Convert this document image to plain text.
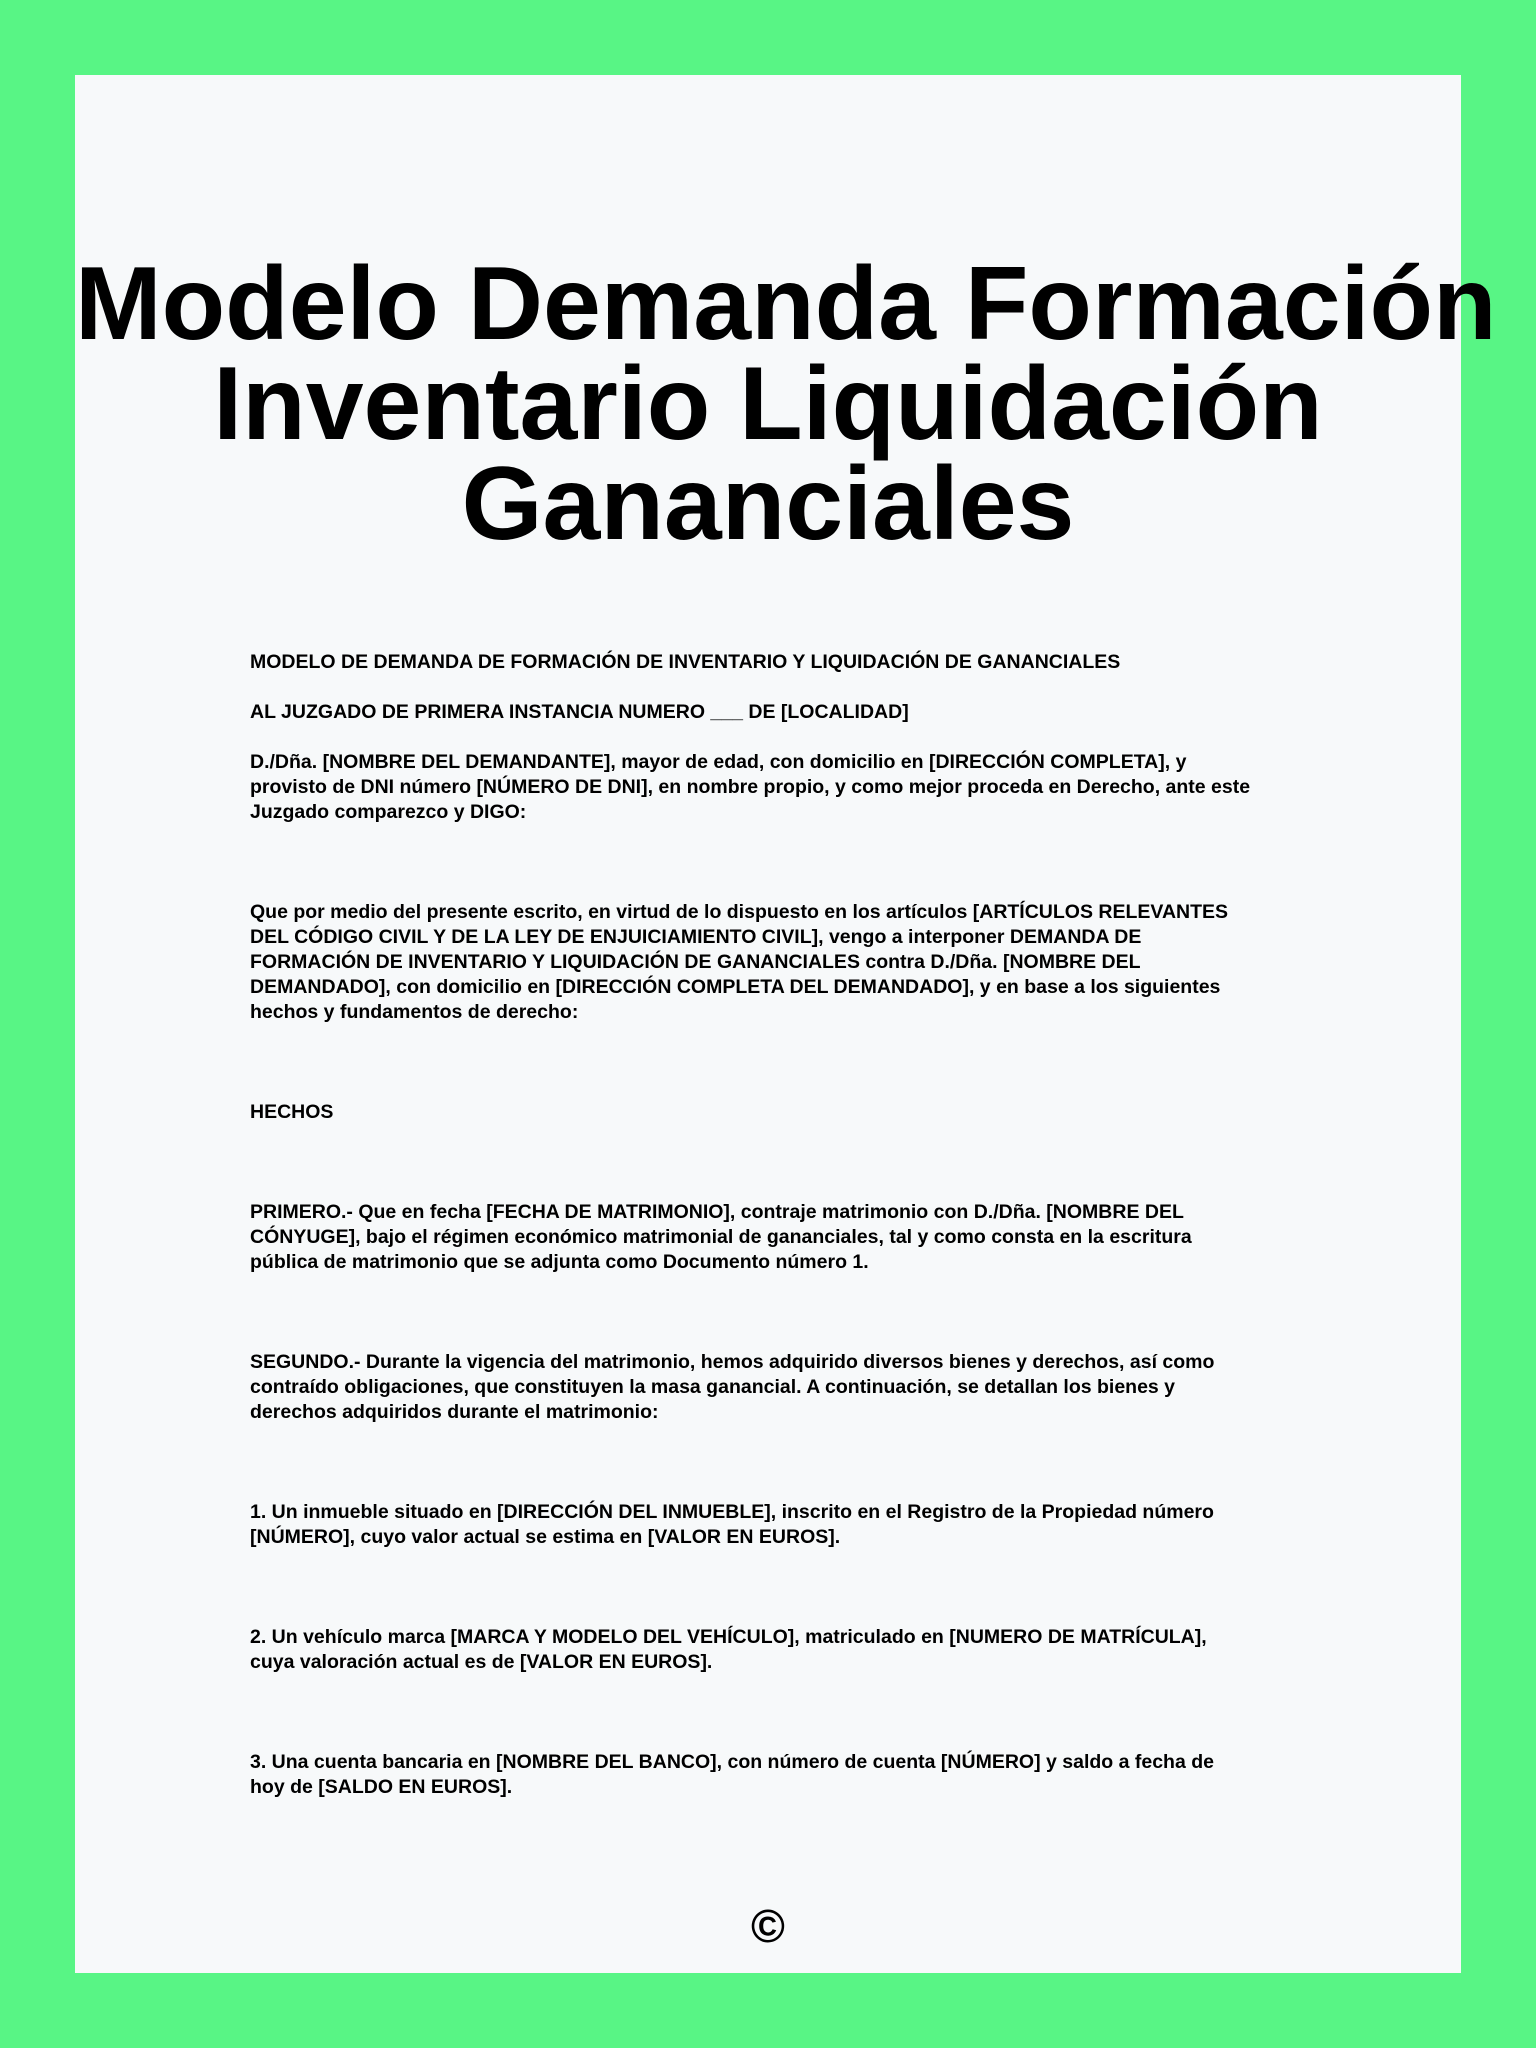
Modelo Demanda Formación
Inventario Liquidación
Gananciales

MODELO DE DEMANDA DE FORMACIÓN DE INVENTARIO Y LIQUIDACIÓN DE GANANCIALES

AL JUZGADO DE PRIMERA INSTANCIA NUMERO ___ DE [LOCALIDAD]

D./Dña. [NOMBRE DEL DEMANDANTE], mayor de edad, con domicilio en [DIRECCIÓN COMPLETA], y

provisto de DNI número [NÚMERO DE DNI], en nombre propio, y como mejor proceda en Derecho, ante este

Juzgado comparezco y DIGO:

Que por medio del presente escrito, en virtud de lo dispuesto en los artículos [ARTÍCULOS RELEVANTES

DEL CÓDIGO CIVIL Y DE LA LEY DE ENJUICIAMIENTO CIVIL], vengo a interponer DEMANDA DE

FORMACIÓN DE INVENTARIO Y LIQUIDACIÓN DE GANANCIALES contra D./Dña. [NOMBRE DEL

DEMANDADO], con domicilio en [DIRECCIÓN COMPLETA DEL DEMANDADO], y en base a los siguientes

hechos y fundamentos de derecho:

HECHOS

PRIMERO.- Que en fecha [FECHA DE MATRIMONIO], contraje matrimonio con D./Dña. [NOMBRE DEL

CÓNYUGE], bajo el régimen económico matrimonial de gananciales, tal y como consta en la escritura

pública de matrimonio que se adjunta como Documento número 1.

SEGUNDO.- Durante la vigencia del matrimonio, hemos adquirido diversos bienes y derechos, así como

contraído obligaciones, que constituyen la masa ganancial. A continuación, se detallan los bienes y

derechos adquiridos durante el matrimonio:

1. Un inmueble situado en [DIRECCIÓN DEL INMUEBLE], inscrito en el Registro de la Propiedad número

[NÚMERO], cuyo valor actual se estima en [VALOR EN EUROS].

2. Un vehículo marca [MARCA Y MODELO DEL VEHÍCULO], matriculado en [NUMERO DE MATRÍCULA],

cuya valoración actual es de [VALOR EN EUROS].

3. Una cuenta bancaria en [NOMBRE DEL BANCO], con número de cuenta [NÚMERO] y saldo a fecha de

hoy de [SALDO EN EUROS].

©
